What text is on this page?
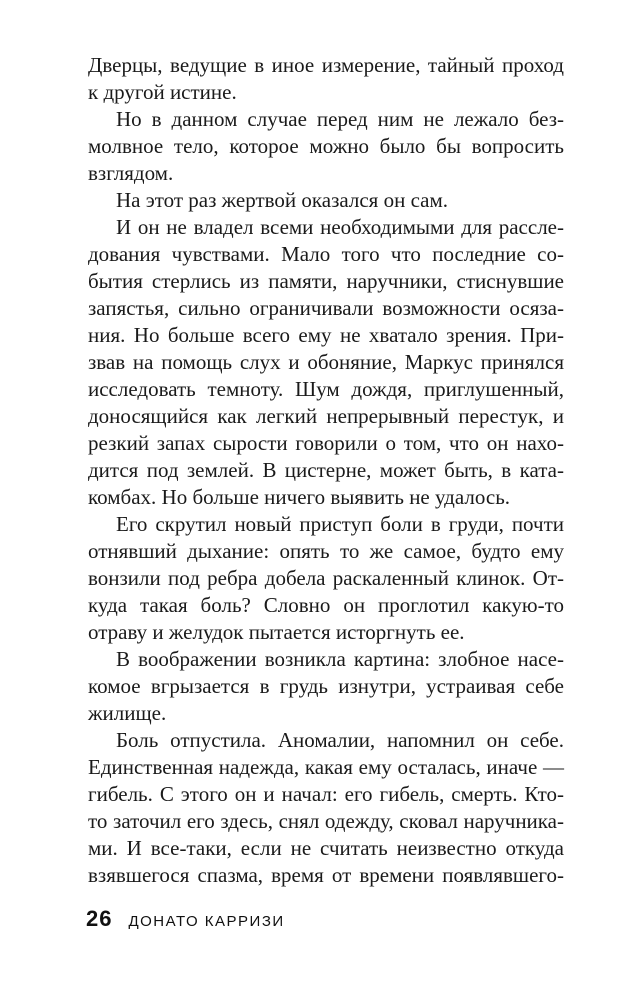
Дверцы, ведущие в иное измерение, тайный проход
к другой истине.
Но в данном случае перед ним не лежало без-
молвное тело, которое можно было бы вопросить
взглядом.
На этот раз жертвой оказался он сам.
И он не владел всеми необходимыми для рассле-
дования чувствами. Мало того что последние со-
бытия стерлись из памяти, наручники, стиснувшие
запястья, сильно ограничивали возможности осяза-
ния. Но больше всего ему не хватало зрения. При-
звав на помощь слух и обоняние, Маркус принялся
исследовать темноту. Шум дождя, приглушенный,
доносящийся как легкий непрерывный перестук, и
резкий запах сырости говорили о том, что он нахо-
дится под землей. В цистерне, может быть, в ката-
комбах. Но больше ничего выявить не удалось.
Его скрутил новый приступ боли в груди, почти
отнявший дыхание: опять то же самое, будто ему
вонзили под ребра добела раскаленный клинок. От-
куда такая боль? Словно он проглотил какую-то
отраву и желудок пытается исторгнуть ее.
В воображении возникла картина: злобное насе-
комое вгрызается в грудь изнутри, устраивая себе
жилище.
Боль отпустила. Аномалии, напомнил он себе.
Единственная надежда, какая ему осталась, иначе —
гибель. С этого он и начал: его гибель, смерть. Кто-
то заточил его здесь, снял одежду, сковал наручника-
ми. И все-таки, если не считать неизвестно откуда
взявшегося спазма, время от времени появлявшего-
26 ДОНАТО КАРРИЗИ
